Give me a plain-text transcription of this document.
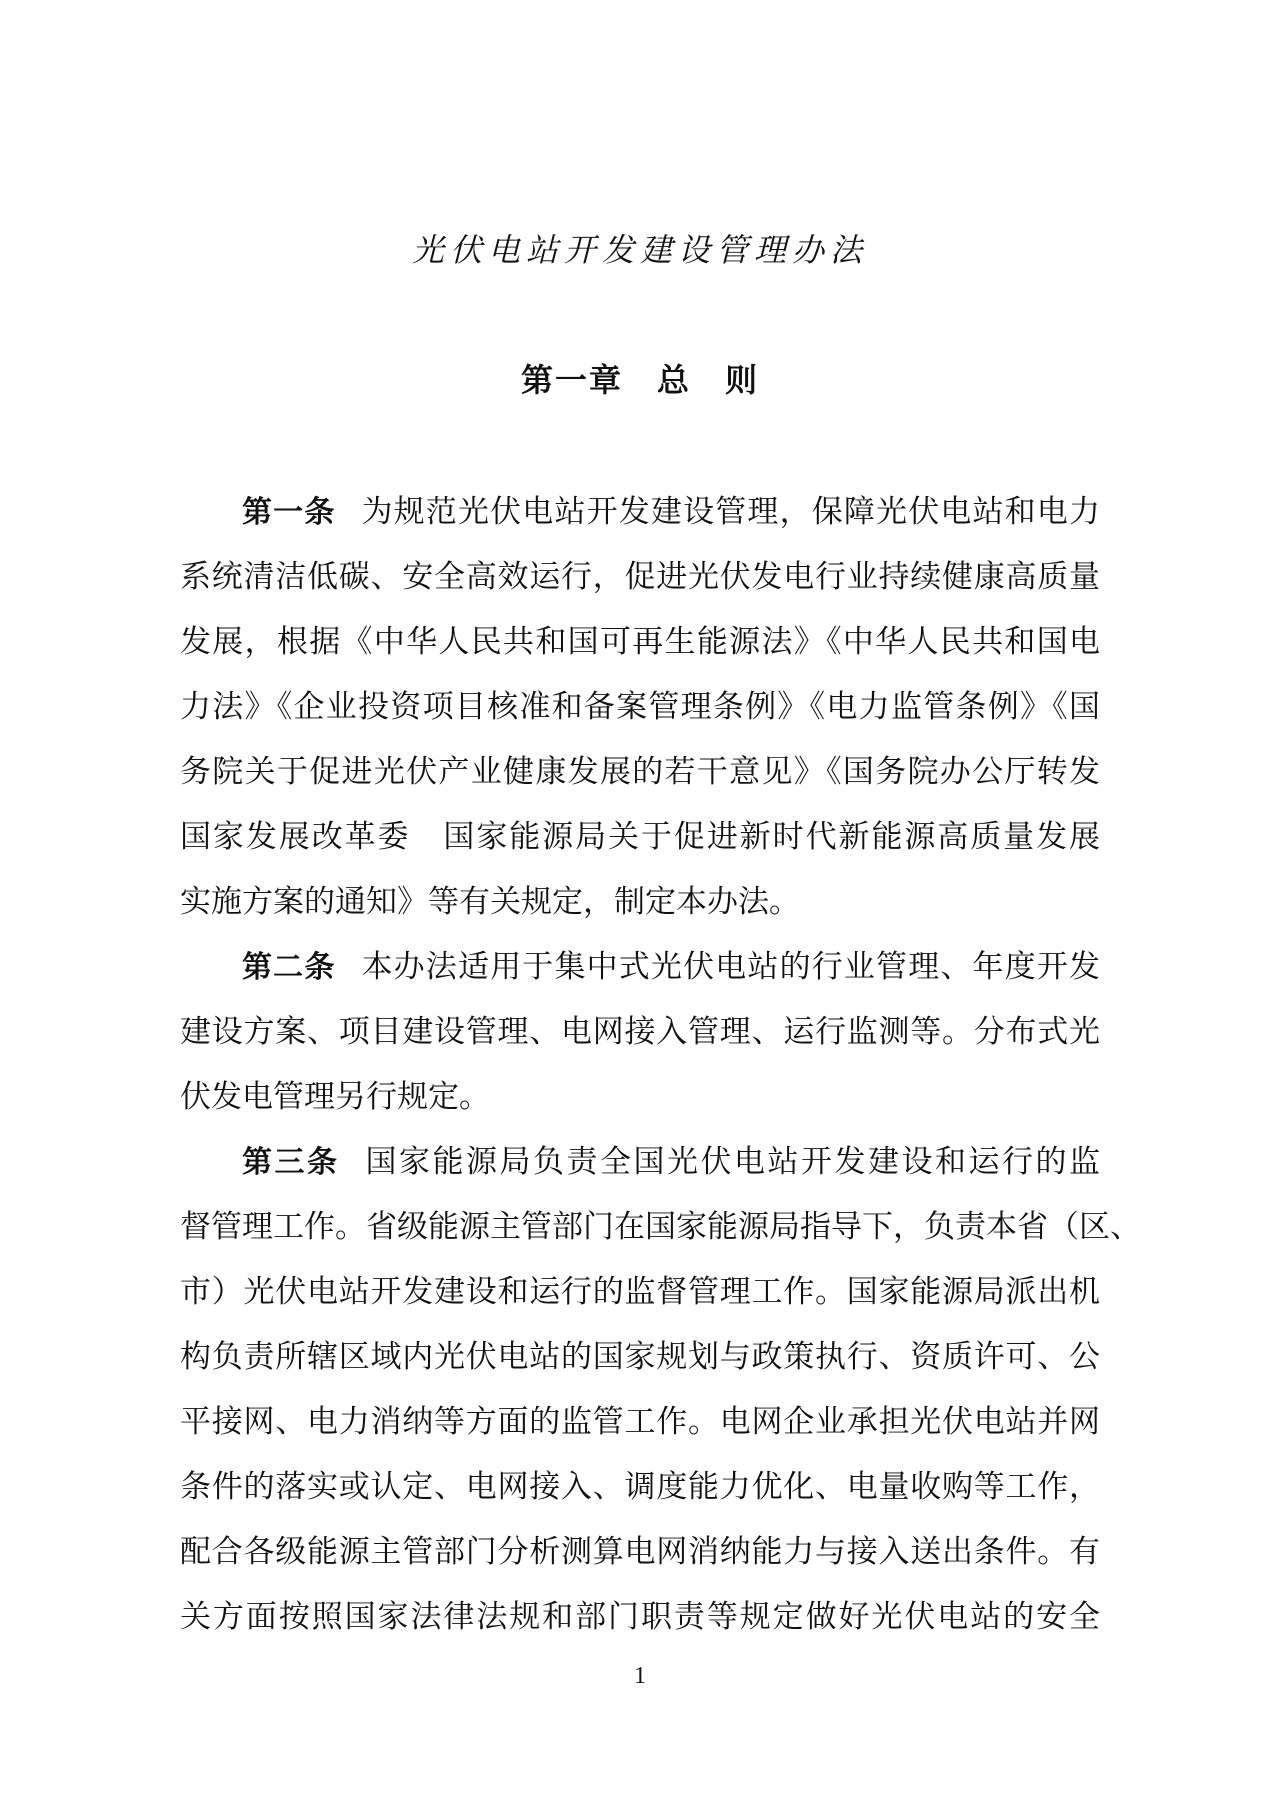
光伏电站开发建设管理办法
第一章　总　则
第一条 为规范光伏电站开发建设管理，保障光伏电站和电力
系统清洁低碳、安全高效运行，促进光伏发电行业持续健康高质量
发展，根据《中华人民共和国可再生能源法》《中华人民共和国电
力法》《企业投资项目核准和备案管理条例》《电力监管条例》《国
务院关于促进光伏产业健康发展的若干意见》《国务院办公厅转发
国家发展改革委　国家能源局关于促进新时代新能源高质量发展
实施方案的通知》等有关规定，制定本办法。
第二条 本办法适用于集中式光伏电站的行业管理、年度开发
建设方案、项目建设管理、电网接入管理、运行监测等。分布式光
伏发电管理另行规定。
第三条 国家能源局负责全国光伏电站开发建设和运行的监
督管理工作。省级能源主管部门在国家能源局指导下，负责本省（区、
市）光伏电站开发建设和运行的监督管理工作。国家能源局派出机
构负责所辖区域内光伏电站的国家规划与政策执行、资质许可、公
平接网、电力消纳等方面的监管工作。电网企业承担光伏电站并网
条件的落实或认定、电网接入、调度能力优化、电量收购等工作，
配合各级能源主管部门分析测算电网消纳能力与接入送出条件。有
关方面按照国家法律法规和部门职责等规定做好光伏电站的安全
1
